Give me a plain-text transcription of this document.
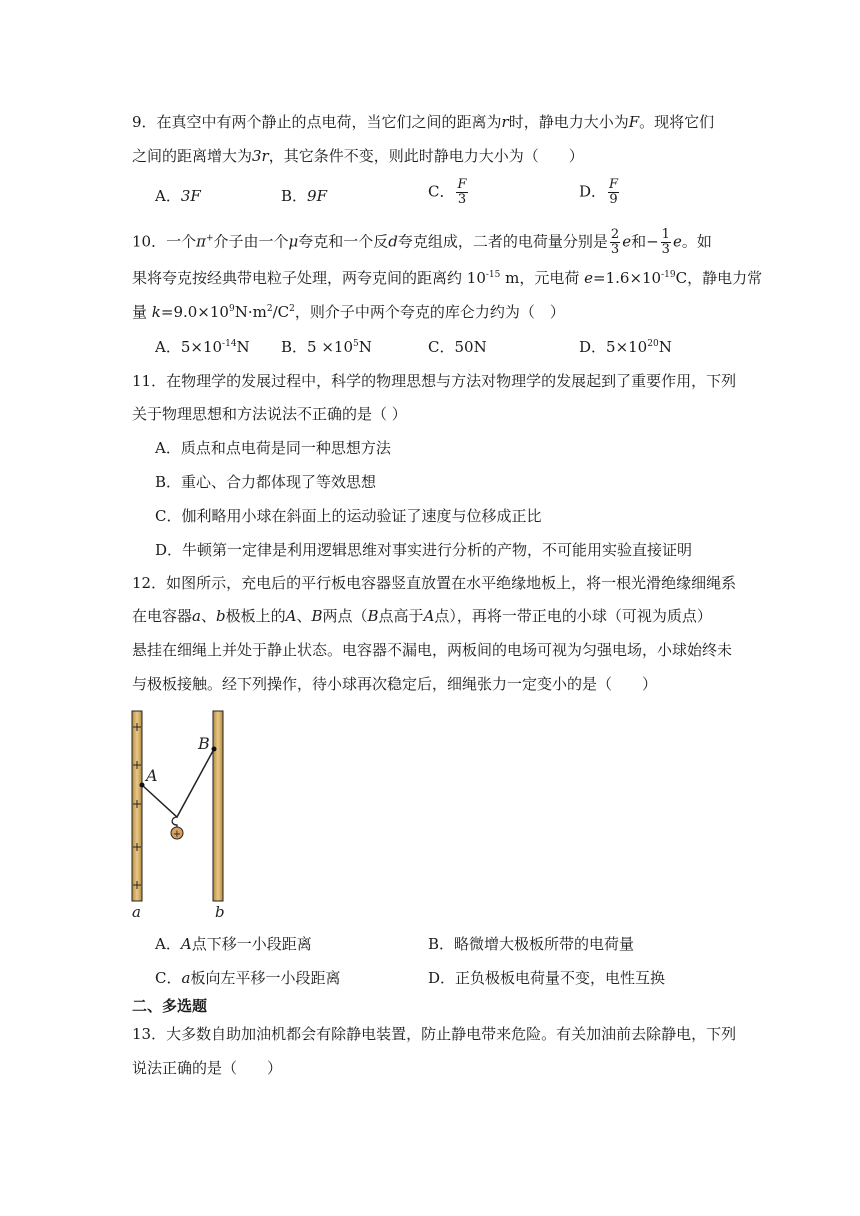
9．在真空中有两个静止的点电荷，当它们之间的距离为r时，静电力大小为F。现将它们
之间的距离增大为3r，其它条件不变，则此时静电力大小为（　　）
A．3F	B．9F	C． $\frac{F}{3}$	D． $\frac{F}{9}$
10．一个π+介子由一个μ夸克和一个反d夸克组成，二者的电荷量分别是 $\frac{2}{3}$ e和− $\frac{1}{3}$ e。如
果将夸克按经典带电粒子处理，两夸克间的距离约 $10^{-15}$ m，元电荷 $e=1.6\times 10^{-19}C$，静电力常
量 $k=9.0\times 10^9N\cdot m^2/C^2$，则介子中两个夸克的库仑力约为（　）
A．$5\times 10^{-14}N$ B．$5 \times 10^5N$	C．50N	D．$5\times 10^{20}N$
11．在物理学的发展过程中，科学的物理思想与方法对物理学的发展起到了重要作用，下列
关于物理思想和方法说法不正确的是（ ）
A．质点和点电荷是同一种思想方法
B．重心、合力都体现了等效思想
C．伽利略用小球在斜面上的运动验证了速度与位移成正比
D．牛顿第一定律是利用逻辑思维对事实进行分析的产物，不可能用实验直接证明
12．如图所示，充电后的平行板电容器竖直放置在水平绝缘地板上，将一根光滑绝缘细绳系
在电容器a、b极板上的A、B两点（B点高于A点），再将一带正电的小球（可视为质点）
悬挂在细绳上并处于静止状态。电容器不漏电，两板间的电场可视为匀强电场，小球始终未
与极板接触。经下列操作，待小球再次稳定后，细绳张力一定变小的是（　　）
+
A
B
a	b
A．A点下移一小段距离	B．略微增大极板所带的电荷量
C．a板向左平移一小段距离	D．正负极板电荷量不变，电性互换
二、多选题
13．大多数自助加油机都会有除静电装置，防止静电带来危险。有关加油前去除静电，下列
说法正确的是（　　）
